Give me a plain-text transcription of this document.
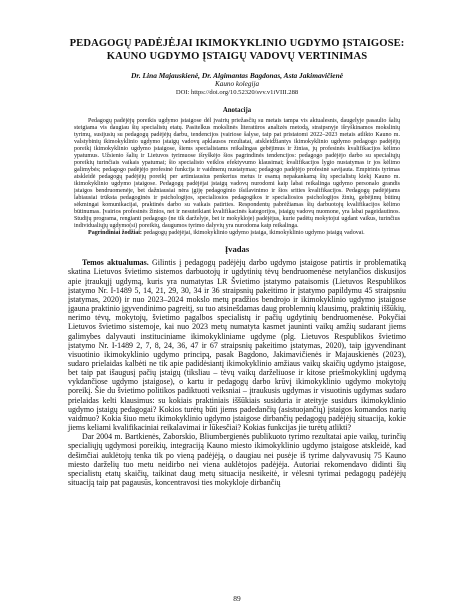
PEDAGOGŲ PADĖJĖJAI IKIMOKYKLINIO UGDYMO ĮSTAIGOSE: KAUNO UGDYMO ĮSTAIGŲ VADOVŲ VERTINIMAS
Dr. Lina Majauskienė, Dr. Algimantas Bagdonas, Asta Jakimavičienė
Kauno kolegija
DOI: https://doi.org/10.52320/svv.v1iVIII.288
Anotacija

Pedagogų padėjėjų poreikis ugdymo įstaigose dėl įvairių priežasčių su metais tampa vis aktualesnis, daugelyje pasaulio šalių steigiama vis daugiau šių specialistų etatų. Pasitelkus mokslinės literatūros analizės metodą, straipsnyje išryškinamos mokslinių tyrimų, susijusių su pedagogų padėjėjų darbu, tendencijos įvairiose šalyse, taip pat pristatomi 2022–2023 metais atlikto Kauno m. valstybinių ikimokyklinio ugdymo įstaigų vadovų apklausos rezultatai, atskleidžiantys ikimokyklinio ugdymo pedagogo padėjėjų poreikį ikimokyklinio ugdymo įstaigose, šiems specialistams reikalingas gebėjimus ir žinias, jų profesinės kvalifikacijos kėlimo ypatumus. Užsienio šalių ir Lietuvos tyrimuose išryškėjo šios pagrindinės tendencijos: pedagogo padėjėjo darbo su specialiųjų poreikių turinčiais vaikais ypatumai; šio specialisto veiklos efektyvumo klausimai; kvalifikacijos lygio nustatymas ir jos kėlimo galimybės; pedagogo padėjėjo profesinė funkcija ir vaidmenų nustatymas; pedagogo padėjėjo profesinė savijauta. Empirinis tyrimas atskleidė pedagogų padėjėjų poreikį per artimiausius penkerius metus ir esamą nepakankamą šių specialistų kiekį Kauno m. ikimokyklinio ugdymo įstaigose. Pedagogų padėjėjai įstaigų vadovų nurodomi kaip labai reikalinga ugdymo personalo grandis įstaigos bendruomenėje, bet dažniausiai nėra įgiję pedagoginio išsilavinimo ir šios srities kvalifikacijos. Pedagogų padėjėjams labiausiai trūksta pedagoginės ir psichologijos, specialiosios pedagogikos ir specialiosios psichologijos žinių, gebėjimų būtinų sėkmingai komunikacijai, praktinės darbo su vaikais patirties. Respondentų pabrėžiamas šių darbuotojų kvalifikacijos kėlimo būtinumas. Įvairios profesinės žinios, net ir nesuteikiant kvalifikacinės kategorijos, įstaigų vadovų nuomone, yra labai pageidautinos. Studijų programa, rengianti pedagogo (ne tik darželyje, bet ir mokykloje) padėjėjus, kurie padėtų mokytojui ugdant vaikus, turinčius individualiųjų ugdymo(si) poreikių, daugumos tyrimo dalyvių yra nurodoma kaip reikalinga.

Pagrindiniai žodžiai: pedagogų padėjėjai, ikimokyklinio ugdymo įstaiga, ikimokyklinio ugdymo įstaigų vadovai.

Įvadas

Temos aktualumas. Gilintis į pedagogų padėjėjų darbo ugdymo įstaigose patirtis ir problematiką skatina Lietuvos švietimo sistemos darbuotojų ir ugdytinių tėvų bendruomenėse netylančios diskusijos apie įtraukųjį ugdymą, kuris yra numatytas LR Švietimo įstatymo pataisomis (Lietuvos Respublikos įstatymo Nr. I-1489 5, 14, 21, 29, 30, 34 ir 36 straipsnių pakeitimo ir įstatymo papildymu 45 straipsniu įstatymas, 2020) ir nuo 2023–2024 mokslo metų pradžios bendrojo ir ikimokyklinio ugdymo įstaigose įgauna praktinio įgyvendinimo pagreitį, su tuo atsinešdamas daug problemnių klausimų, praktinių iššūkių, nerimo tėvų, mokytojų, švietimo pagalbos specialistų ir pačių ugdytinių bendruomenėse. Pokyčiai Lietuvos švietimo sistemoje, kai nuo 2023 metų numatyta kasmet jauninti vaikų amžių sudarant jiems galimybes dalyvauti instituciniame ikimokykliniame ugdyme (plg. Lietuvos Respublikos švietimo įstatymo Nr. I-1489 2, 7, 8, 24, 36, 47 ir 67 straipsnių pakeitimo įstatymas, 2020), taip įgyvendinant visuotinio ikimokyklinio ugdymo principą, pasak Bagdono, Jakimavičienės ir Majauskienės (2023), sudaro prielaidas kalbėti ne tik apie padidėsiantį ikimokyklinio amžiaus vaikų skaičių ugdymo įstaigose, bet taip pat išaugusį pačių įstaigų (tiksliau – tėvų vaikų darželiuose ir kitose priešmokyklinį ugdymą vykdančiose ugdymo įstaigose), o kartu ir pedagogų darbo krūvį ikimokyklinio ugdymo mokytojų poreikį. Šie du švietimo politikos padiktuoti veiksniai – įtraukusis ugdymas ir visuotinis ugdymas sudaro prielaidas kelti klausimus: su kokiais praktiniais iššūkiais susiduria ir ateityje susidurs ikimokyklinio ugdymo įstaigų pedagogai? Kokios turėtų būti jiems padedančių (asistuojančių) įstaigos komandos narių vaidmuo? Kokia šiuo metu ikimokyklinio ugdymo įstaigose dirbančių pedagogų padėjėjų situacija, kokie jiems keliami kvalifikaciniai reikalavimai ir lūkesčiai? Kokias funkcijas jie turėtų atlikti?

Dar 2004 m. Bartkienės, Zaborskio, Bliumbergienės publikuoto tyrimo rezultatai apie vaikų, turinčių specialiųjų ugdymosi poreikių, integraciją Kauno miesto ikimokyklinio ugdymo įstaigose atskleidė, kad dešimčiai auklėtojų tenka tik po vieną padėjėją, o daugiau nei pusėje iš tyrime dalyvavusių 75 Kauno miesto darželių tuo metu neidirbo nei viena auklėtojos padėjėja. Autoriai rekomendavo didinti šių specialistų etatų skaičių, taikinat daug metų situacija nesikeitė, ir vėlesni tyrimai pedagogų padėjėjų situaciją taip pat pagausūs, koncentravosi ties mokykloje dirbančių

89
